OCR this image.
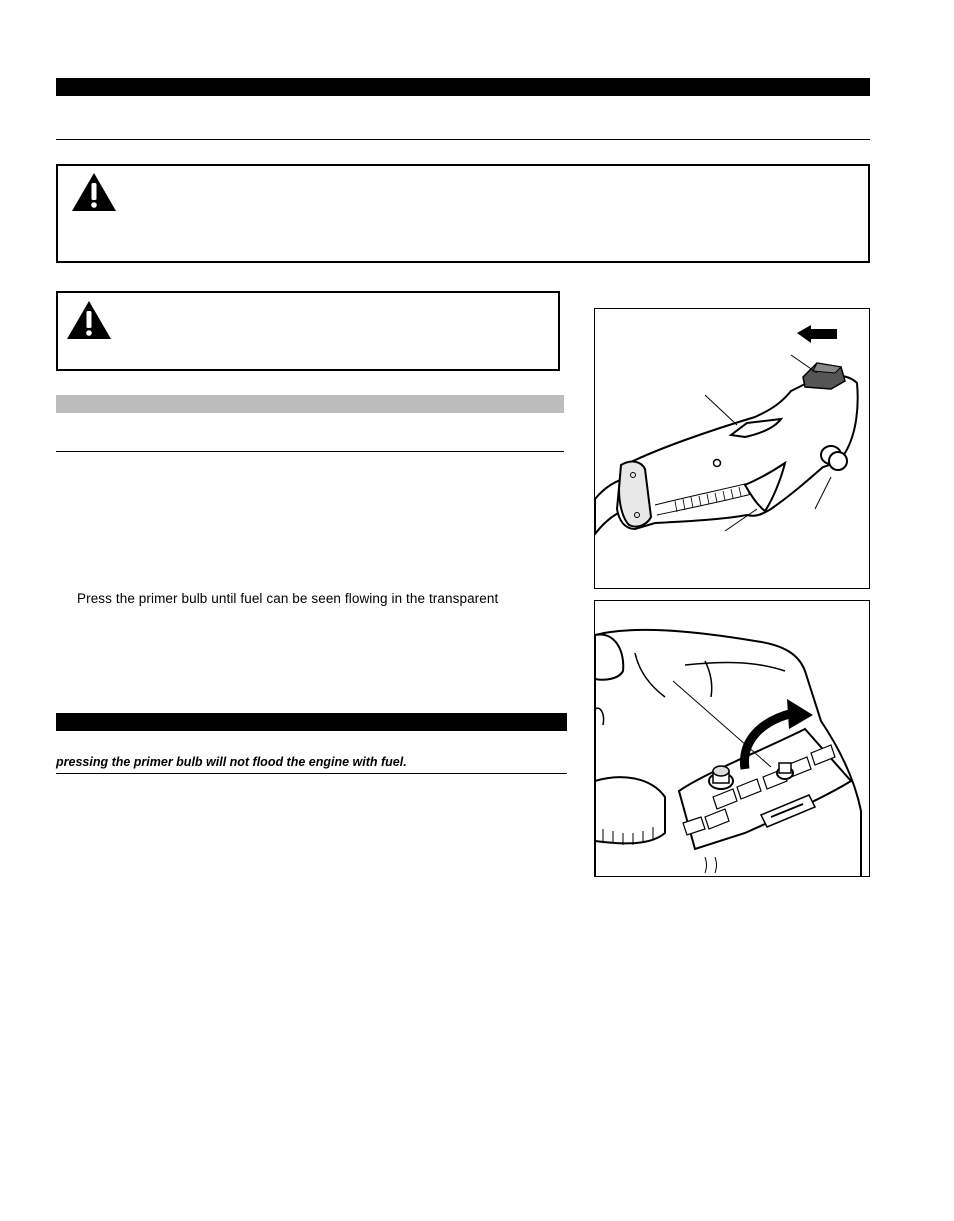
Press the primer bulb until fuel can be seen flowing in the transparent
pressing the primer bulb will not flood the engine with fuel.
